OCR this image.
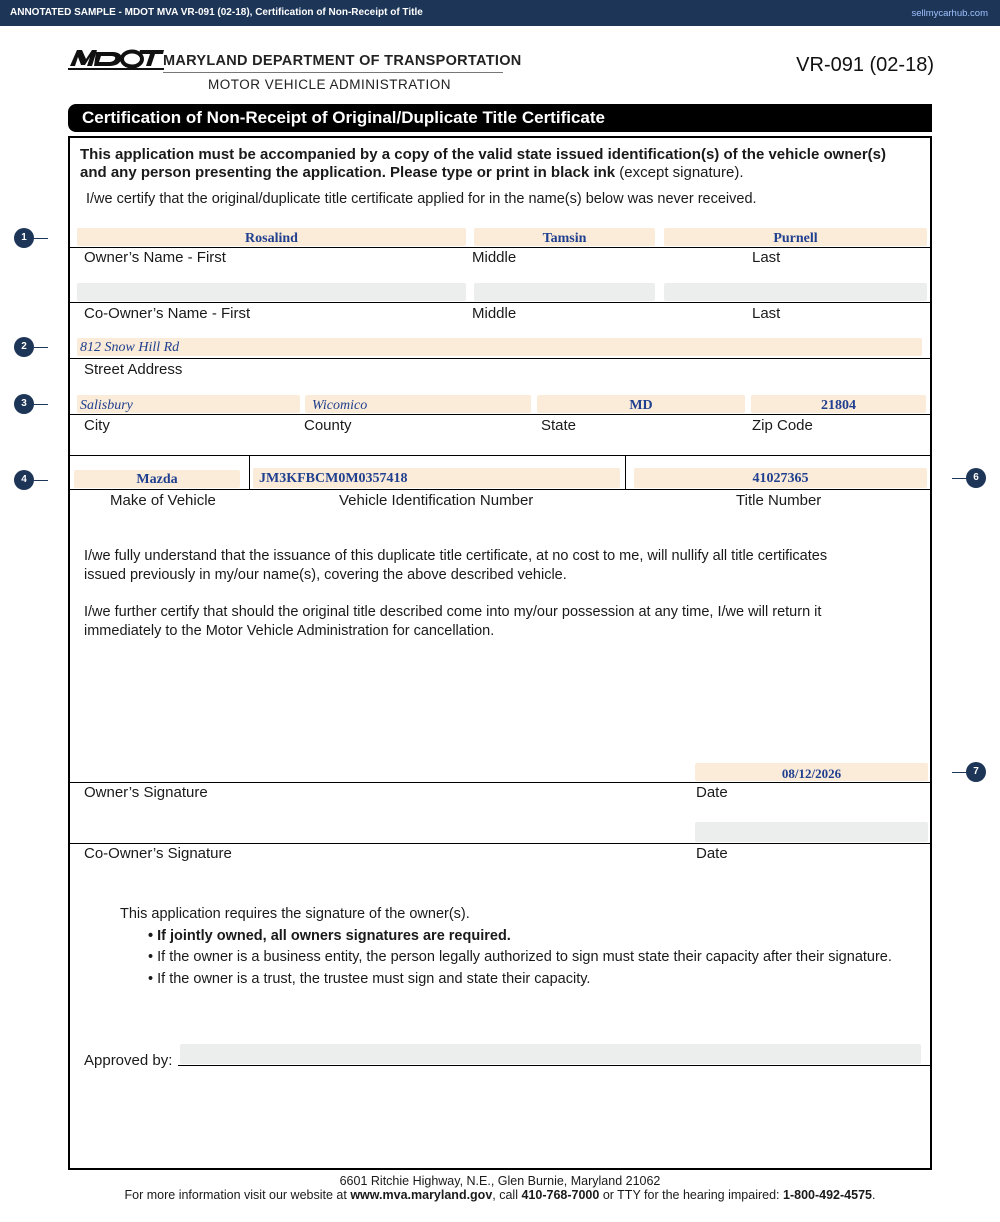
ANNOTATED SAMPLE - MDOT MVA VR-091 (02-18), Certification of Non-Receipt of Title	sellmycarhub.com
MARYLAND DEPARTMENT OF TRANSPORTATION
MOTOR VEHICLE ADMINISTRATION
VR-091 (02-18)
Certification of Non-Receipt of Original/Duplicate Title Certificate
This application must be accompanied by a copy of the valid state issued identification(s) of the vehicle owner(s)
and any person presenting the application. Please type or print in black ink (except signature).
I/we certify that the original/duplicate title certificate applied for in the name(s) below was never received.
Rosalind	Tamsin	Purnell
Owner’s Name - First	Middle	Last
Co-Owner’s Name - First	Middle	Last
812 Snow Hill Rd
Street Address
Salisbury	Wicomico	MD	21804
City	County	State	Zip Code
Mazda	JM3KFBCM0M0357418	41027365
Make of Vehicle	Vehicle Identification Number	Title Number
I/we fully understand that the issuance of this duplicate title certificate, at no cost to me, will nullify all title certificates
issued previously in my/our name(s), covering the above described vehicle.
I/we further certify that should the original title described come into my/our possession at any time, I/we will return it
immediately to the Motor Vehicle Administration for cancellation.
08/12/2026
Owner’s Signature	Date
Co-Owner’s Signature	Date
This application requires the signature of the owner(s).
• If jointly owned, all owners signatures are required.
• If the owner is a business entity, the person legally authorized to sign must state their capacity after their signature.
• If the owner is a trust, the trustee must sign and state their capacity.
Approved by:
6601 Ritchie Highway, N.E., Glen Burnie, Maryland 21062
For more information visit our website at www.mva.maryland.gov, call 410-768-7000 or TTY for the hearing impaired: 1-800-492-4575.
1
2
3
4	6
7
